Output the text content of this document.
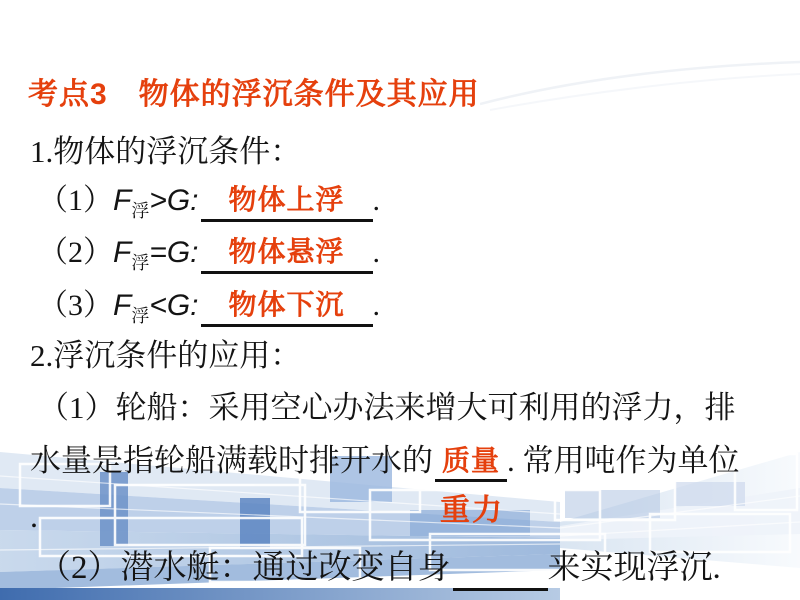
考点3　物体的浮沉条件及其应用
1.物体的浮沉条件：
$(1)F_浮>G$: 物体上浮 .
$(2)F_浮=G$: 物体悬浮 .
$(3)F_浮<G$: 物体下沉 .
2.浮沉条件的应用：
（1）轮船：采用空心办法来增大可利用的浮力，排
水量是指轮船满载时排开水的 质量 . 常用吨作为单位
.	重力
（2）潜水艇：通过改变自身	来实现浮沉.
